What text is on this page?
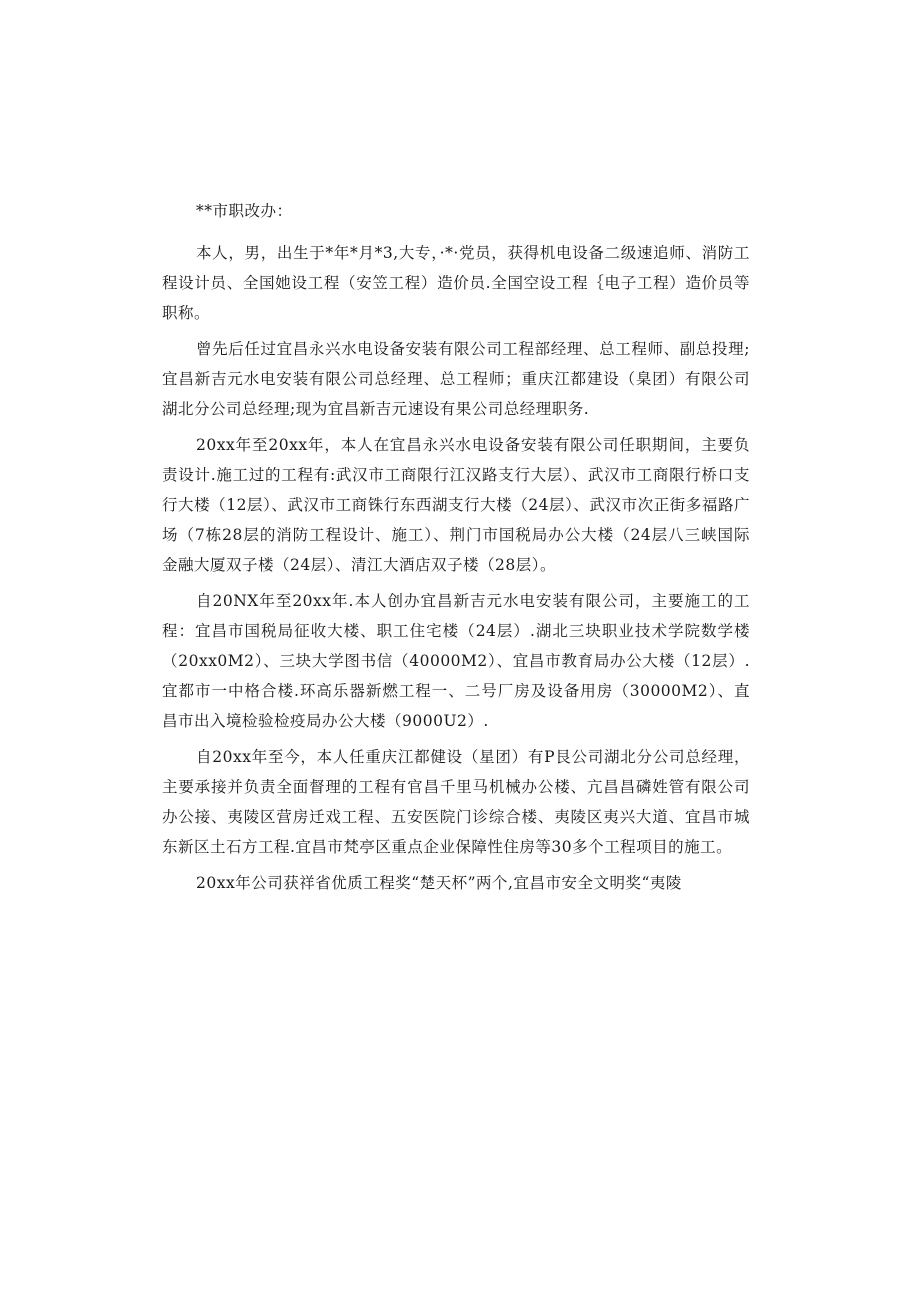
**市职改办：

本人，男，出生于*年*月*3,大专，·*·党员，获得机电设备二级速追师、消防工程设计员、全国她设工程（安笠工程）造价员.全国空设工程｛电子工程）造价员等职称。

曾先后任过宜昌永兴水电设备安装有限公司工程部经理、总工程师、副总投理;宜昌新吉元水电安装有限公司总经理、总工程师；重庆江都建设（臬团）有限公司湖北分公司总经理;现为宜昌新吉元速设有果公司总经理职务.

20xx年至20xx年，本人在宜昌永兴水电设备安装有限公司任职期间，主要负责设计.施工过的工程有:武汉市工商限行江汉路支行大层）、武汉市工商限行桥口支行大楼（12层）、武汉市工商铢行东西湖支行大楼（24层）、武汉市次正街多福路广场（7栋28层的消防工程设计、施工）、荆门市国税局办公大楼（24层八三峡国际金融大厦双子楼（24层）、清江大酒店双子楼（28层）。

自20NX年至20xx年.本人创办宜昌新吉元水电安装有限公司，主要施工的工程：宜昌市国税局征收大楼、职工住宅楼（24层）.湖北三块职业技术学院数学楼（20xx0M2）、三块大学图书信（40000M2）、宜昌市教育局办公大楼（12层）.宜都市一中格合楼.环高乐器新燃工程一、二号厂房及设备用房（30000M2）、直昌市出入境检验检疫局办公大楼（9000U2）.

自20xx年至今，本人任重庆江都健设（星团）有P艮公司湖北分公司总经理，主要承接并负责全面督理的工程有官昌千里马机械办公楼、亢昌昌磷姓管有限公司办公接、夷陵区营房迁戏工程、五安医院门诊综合楼、夷陵区夷兴大道、宜昌市城东新区土石方工程.宜昌市梵亭区重点企业保障性住房等30多个工程项目的施工。

20xx年公司获祥省优质工程奖“楚天杯”两个,宜昌市安全文明奖“夷陵
